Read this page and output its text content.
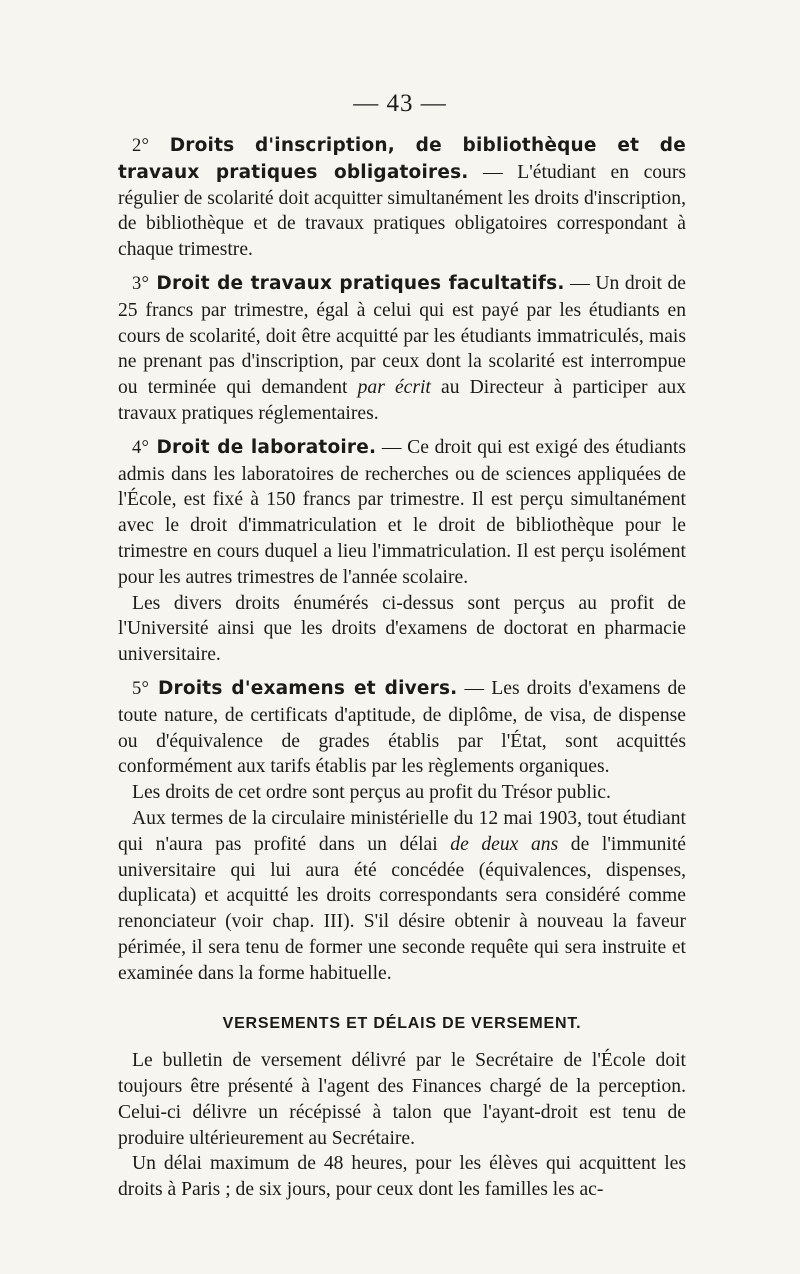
— 43 —

2° Droits d'inscription, de bibliothèque et de travaux pratiques obligatoires. — L'étudiant en cours régulier de scolarité doit acquitter simultanément les droits d'inscription, de bibliothèque et de travaux pratiques obligatoires correspondant à chaque trimestre.

3° Droit de travaux pratiques facultatifs. — Un droit de 25 francs par trimestre, égal à celui qui est payé par les étudiants en cours de scolarité, doit être acquitté par les étudiants immatriculés, mais ne prenant pas d'inscription, par ceux dont la scolarité est interrompue ou terminée qui demandent par écrit au Directeur à participer aux travaux pratiques réglementaires.

4° Droit de laboratoire. — Ce droit qui est exigé des étudiants admis dans les laboratoires de recherches ou de sciences appliquées de l'École, est fixé à 150 francs par trimestre. Il est perçu simultanément avec le droit d'immatriculation et le droit de bibliothèque pour le trimestre en cours duquel a lieu l'immatriculation. Il est perçu isolément pour les autres trimestres de l'année scolaire.

Les divers droits énumérés ci-dessus sont perçus au profit de l'Université ainsi que les droits d'examens de doctorat en pharmacie universitaire.

5° Droits d'examens et divers. — Les droits d'examens de toute nature, de certificats d'aptitude, de diplôme, de visa, de dispense ou d'équivalence de grades établis par l'État, sont acquittés conformément aux tarifs établis par les règlements organiques.

Les droits de cet ordre sont perçus au profit du Trésor public.

Aux termes de la circulaire ministérielle du 12 mai 1903, tout étudiant qui n'aura pas profité dans un délai de deux ans de l'immunité universitaire qui lui aura été concédée (équivalences, dispenses, duplicata) et acquitté les droits correspondants sera considéré comme renonciateur (voir chap. III). S'il désire obtenir à nouveau la faveur périmée, il sera tenu de former une seconde requête qui sera instruite et examinée dans la forme habituelle.

VERSEMENTS ET DÉLAIS DE VERSEMENT.

Le bulletin de versement délivré par le Secrétaire de l'École doit toujours être présenté à l'agent des Finances chargé de la perception. Celui-ci délivre un récépissé à talon que l'ayant-droit est tenu de produire ultérieurement au Secrétaire.

Un délai maximum de 48 heures, pour les élèves qui acquittent les droits à Paris ; de six jours, pour ceux dont les familles les ac-
